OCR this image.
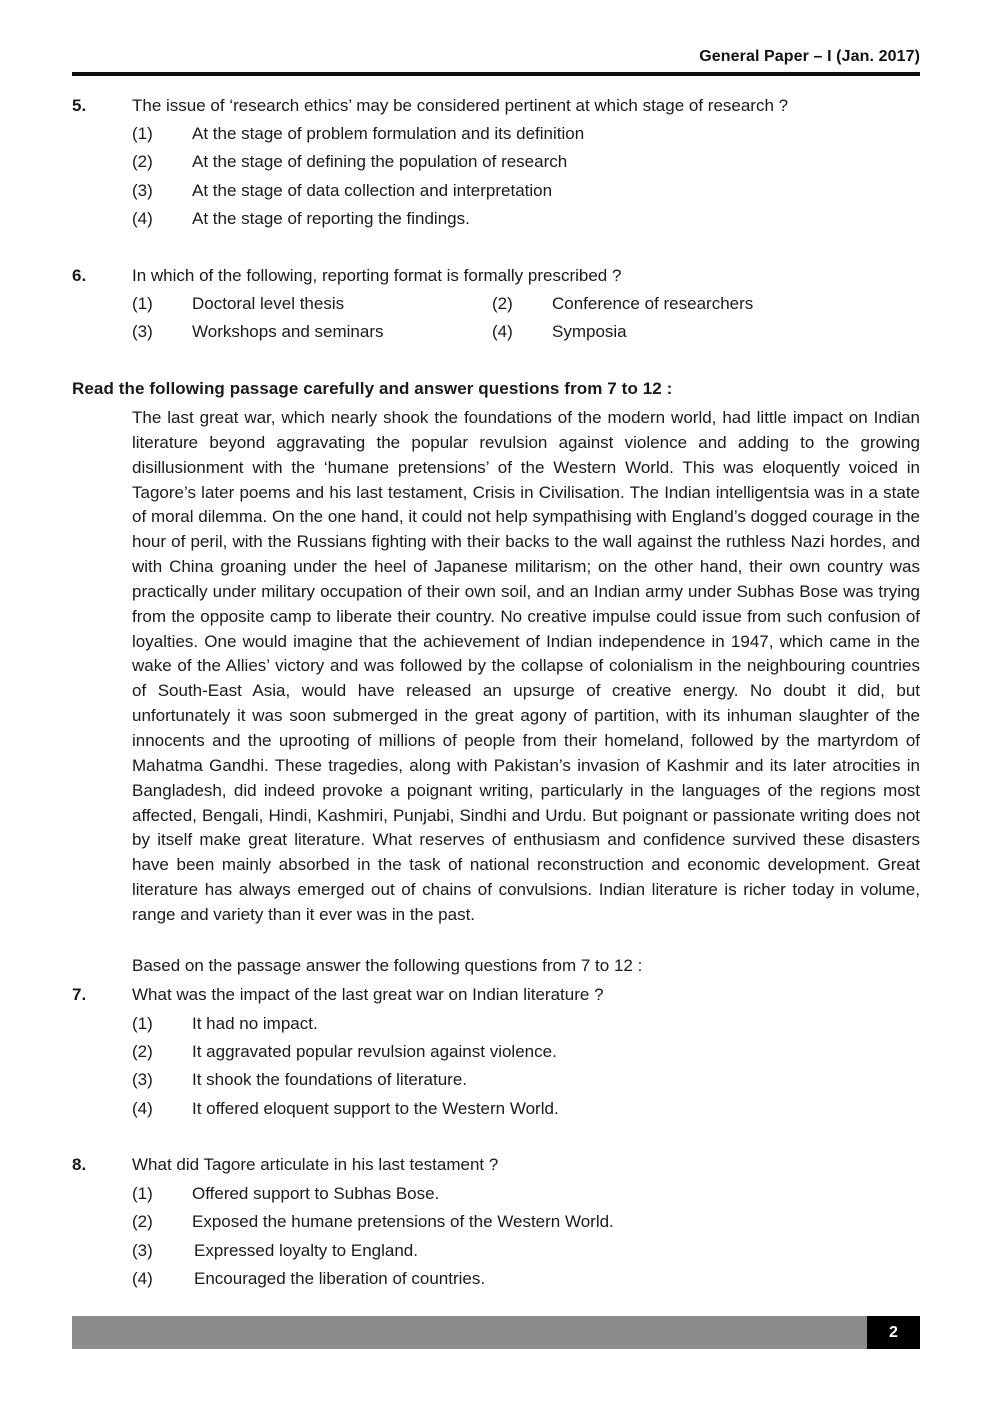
General Paper – I (Jan. 2017)
5.	The issue of ‘research ethics’ may be considered pertinent at which stage of research ?
(1) At the stage of problem formulation and its definition
(2) At the stage of defining the population of research
(3) At the stage of data collection and interpretation
(4) At the stage of reporting the findings.
6.	In which of the following, reporting format is formally prescribed ?
(1) Doctoral level thesis	(2) Conference of researchers
(3) Workshops and seminars	(4) Symposia
Read the following passage carefully and answer questions from 7 to 12 :
The last great war, which nearly shook the foundations of the modern world, had little impact on Indian literature beyond aggravating the popular revulsion against violence and adding to the growing disillusionment with the ‘humane pretensions’ of the Western World. This was eloquently voiced in Tagore’s later poems and his last testament, Crisis in Civilisation. The Indian intelligentsia was in a state of moral dilemma. On the one hand, it could not help sympathising with England’s dogged courage in the hour of peril, with the Russians fighting with their backs to the wall against the ruthless Nazi hordes, and with China groaning under the heel of Japanese militarism; on the other hand, their own country was practically under military occupation of their own soil, and an Indian army under Subhas Bose was trying from the opposite camp to liberate their country. No creative impulse could issue from such confusion of loyalties. One would imagine that the achievement of Indian independence in 1947, which came in the wake of the Allies’ victory and was followed by the collapse of colonialism in the neighbouring countries of South-East Asia, would have released an upsurge of creative energy. No doubt it did, but unfortunately it was soon submerged in the great agony of partition, with its inhuman slaughter of the innocents and the uprooting of millions of people from their homeland, followed by the martyrdom of Mahatma Gandhi. These tragedies, along with Pakistan’s invasion of Kashmir and its later atrocities in Bangladesh, did indeed provoke a poignant writing, particularly in the languages of the regions most affected, Bengali, Hindi, Kashmiri, Punjabi, Sindhi and Urdu. But poignant or passionate writing does not by itself make great literature. What reserves of enthusiasm and confidence survived these disasters have been mainly absorbed in the task of national reconstruction and economic development. Great literature has always emerged out of chains of convulsions. Indian literature is richer today in volume, range and variety than it ever was in the past.
Based on the passage answer the following questions from 7 to 12 :
7.	What was the impact of the last great war on Indian literature ?
(1) It had no impact.
(2) It aggravated popular revulsion against violence.
(3) It shook the foundations of literature.
(4) It offered eloquent support to the Western World.
8.	What did Tagore articulate in his last testament ?
(1) Offered support to Subhas Bose.
(2) Exposed the humane pretensions of the Western World.
(3) Expressed loyalty to England.
(4) Encouraged the liberation of countries.
2
